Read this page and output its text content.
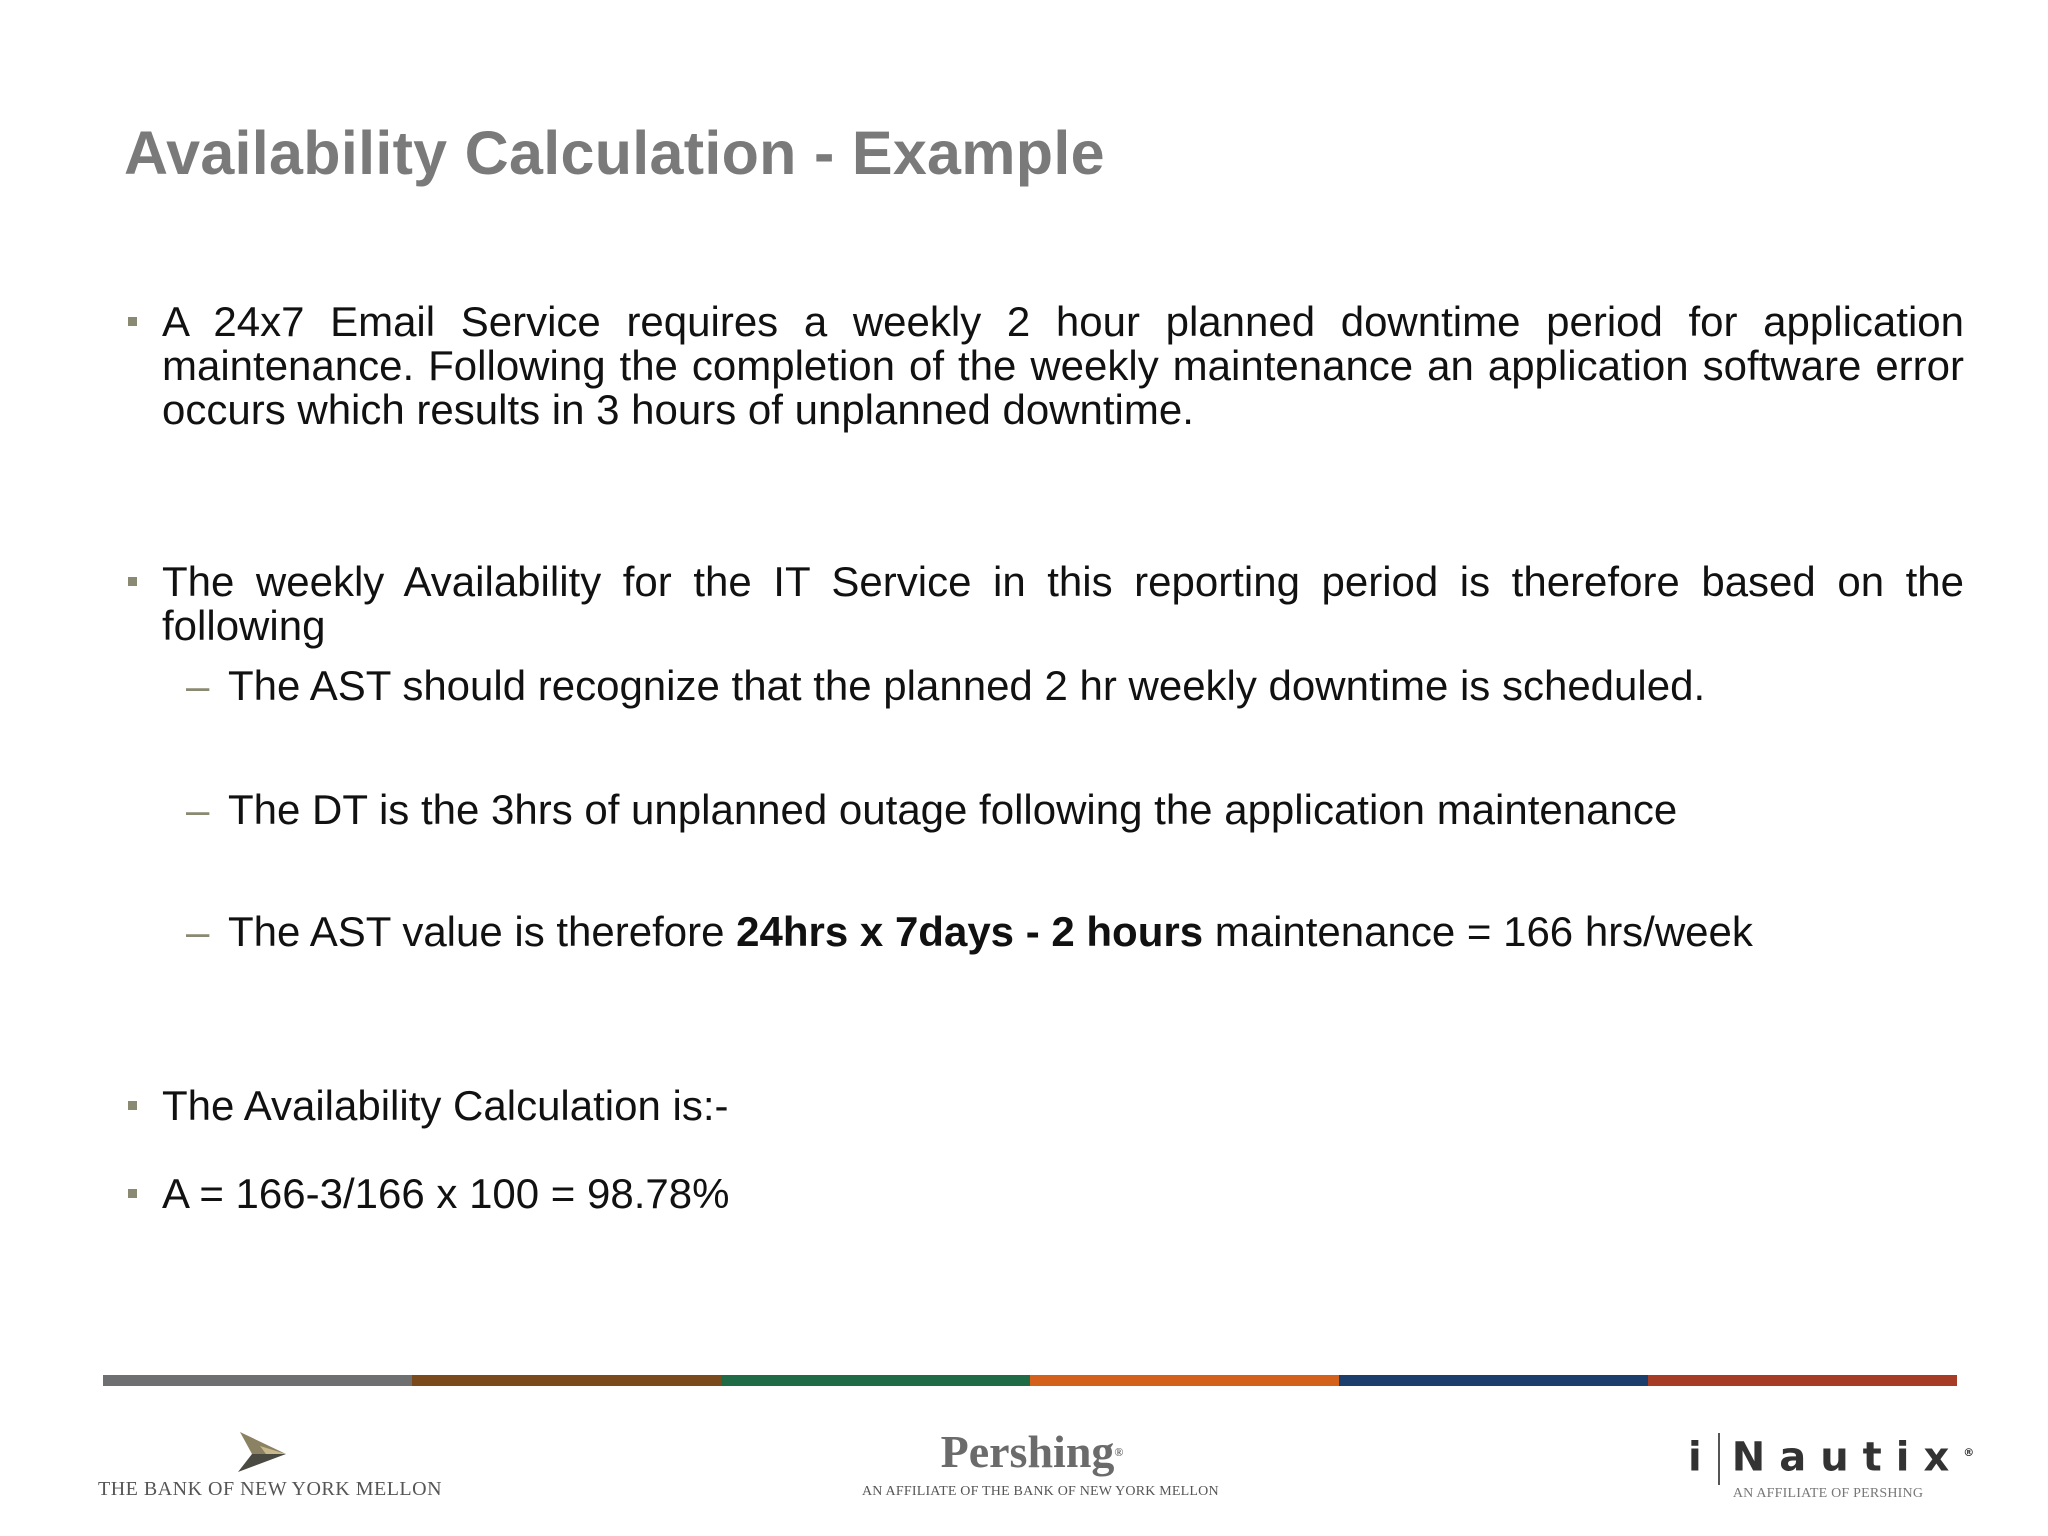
Availability Calculation - Example
A 24x7 Email Service requires a weekly 2 hour planned downtime period for application maintenance. Following the completion of the weekly maintenance an application software error occurs which results in 3 hours of unplanned downtime.
The weekly Availability for the IT Service in this reporting period is therefore based on the following
– The AST should recognize that the planned 2 hr weekly downtime is scheduled.
– The DT is the 3hrs of unplanned outage following the application maintenance
– The AST value is therefore 24hrs x 7days - 2 hours maintenance = 166 hrs/week
The Availability Calculation is:-
A = 166-3/166 x 100 = 98.78%
THE BANK OF NEW YORK MELLON
Pershing®
AN AFFILIATE OF THE BANK OF NEW YORK MELLON
i Nautix®
AN AFFILIATE OF PERSHING
